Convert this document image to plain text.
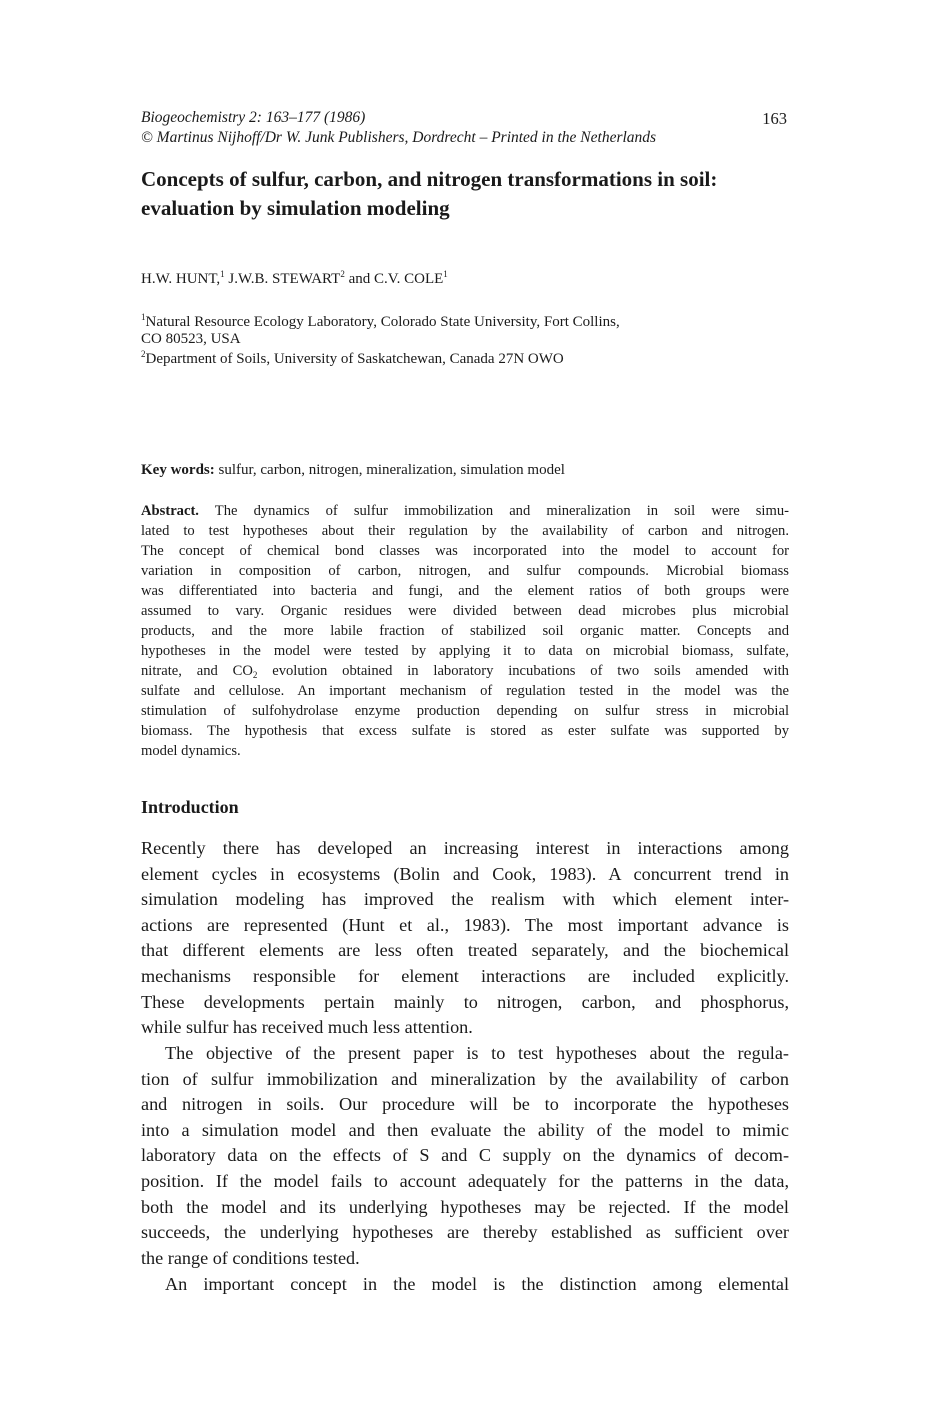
Biogeochemistry 2: 163–177 (1986)
© Martinus Nijhoff/Dr W. Junk Publishers, Dordrecht – Printed in the Netherlands
163
Concepts of sulfur, carbon, and nitrogen transformations in soil:
evaluation by simulation modeling
H.W. HUNT,$^1$ J.W.B. STEWART$^2$ and C.V. COLE$^1$
$^1$Natural Resource Ecology Laboratory, Colorado State University, Fort Collins,
CO 80523, USA
$^2$Department of Soils, University of Saskatchewan, Canada 27N OWO
Key words: sulfur, carbon, nitrogen, mineralization, simulation model
Abstract. The dynamics of sulfur immobilization and mineralization in soil were simu-
lated to test hypotheses about their regulation by the availability of carbon and nitrogen.
The concept of chemical bond classes was incorporated into the model to account for
variation in composition of carbon, nitrogen, and sulfur compounds. Microbial biomass
was differentiated into bacteria and fungi, and the element ratios of both groups were
assumed to vary. Organic residues were divided between dead microbes plus microbial
products, and the more labile fraction of stabilized soil organic matter. Concepts and
hypotheses in the model were tested by applying it to data on microbial biomass, sulfate,
nitrate, and $CO_2$ evolution obtained in laboratory incubations of two soils amended with
sulfate and cellulose. An important mechanism of regulation tested in the model was the
stimulation of sulfohydrolase enzyme production depending on sulfur stress in microbial
biomass. The hypothesis that excess sulfate is stored as ester sulfate was supported by
model dynamics.
Introduction
Recently there has developed an increasing interest in interactions among
element cycles in ecosystems (Bolin and Cook, 1983). A concurrent trend in
simulation modeling has improved the realism with which element inter-
actions are represented (Hunt et al., 1983). The most important advance is
that different elements are less often treated separately, and the biochemical
mechanisms responsible for element interactions are included explicitly.
These developments pertain mainly to nitrogen, carbon, and phosphorus,
while sulfur has received much less attention.
The objective of the present paper is to test hypotheses about the regula-
tion of sulfur immobilization and mineralization by the availability of carbon
and nitrogen in soils. Our procedure will be to incorporate the hypotheses
into a simulation model and then evaluate the ability of the model to mimic
laboratory data on the effects of S and C supply on the dynamics of decom-
position. If the model fails to account adequately for the patterns in the data,
both the model and its underlying hypotheses may be rejected. If the model
succeeds, the underlying hypotheses are thereby established as sufficient over
the range of conditions tested.
An important concept in the model is the distinction among elemental
